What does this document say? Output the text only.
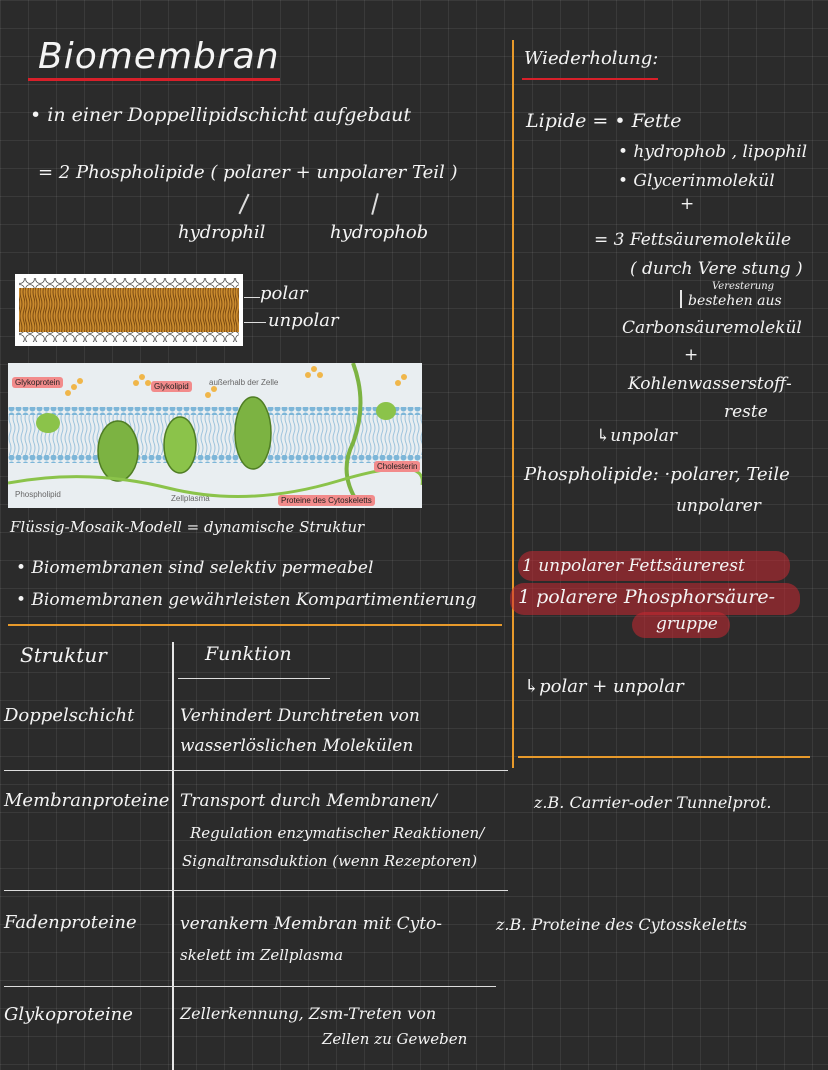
Biomembran
• in einer Doppellipidschicht aufgebaut
= 2 Phospholipide ( polarer + unpolarer Teil )
hydrophil	hydrophob
polar
unpolar
Glykoprotein	Glykolipid	außerhalb der Zelle
Cholesterin
Phospholipid	Zellplasma	Proteine des Cytoskeletts
Flüssig-Mosaik-Modell = dynamische Struktur
• Biomembranen sind selektiv permeabel
• Biomembranen gewährleisten Kompartimentierung
Struktur	Funktion
Doppelschicht	Verhindert Durchtreten von
wasserlöslichen Molekülen
Membranproteine Transport durch Membranen/
Regulation enzymatischer Reaktionen/
Signaltransduktion (wenn Rezeptoren)
z.B. Carrier-oder Tunnelprot.
Fadenproteine	verankern Membran mit Cyto-
skelett im Zellplasma
z.B. Proteine des Cytosskeletts
Glykoproteine	Zellerkennung, Zsm-Treten von
Zellen zu Geweben
Wiederholung:
Lipide = • Fette
• hydrophob , lipophil
• Glycerinmolekül
+
= 3 Fettsäuremoleküle
( durch Vere stung )
Veresterung
bestehen aus
Carbonsäuremolekül
+
Kohlenwasserstoff-
reste
↳unpolar
Phospholipide: ·polarer, Teile
unpolarer
1 unpolarer Fettsäurerest
1 polarere Phosphorsäure-
gruppe
↳polar + unpolar
